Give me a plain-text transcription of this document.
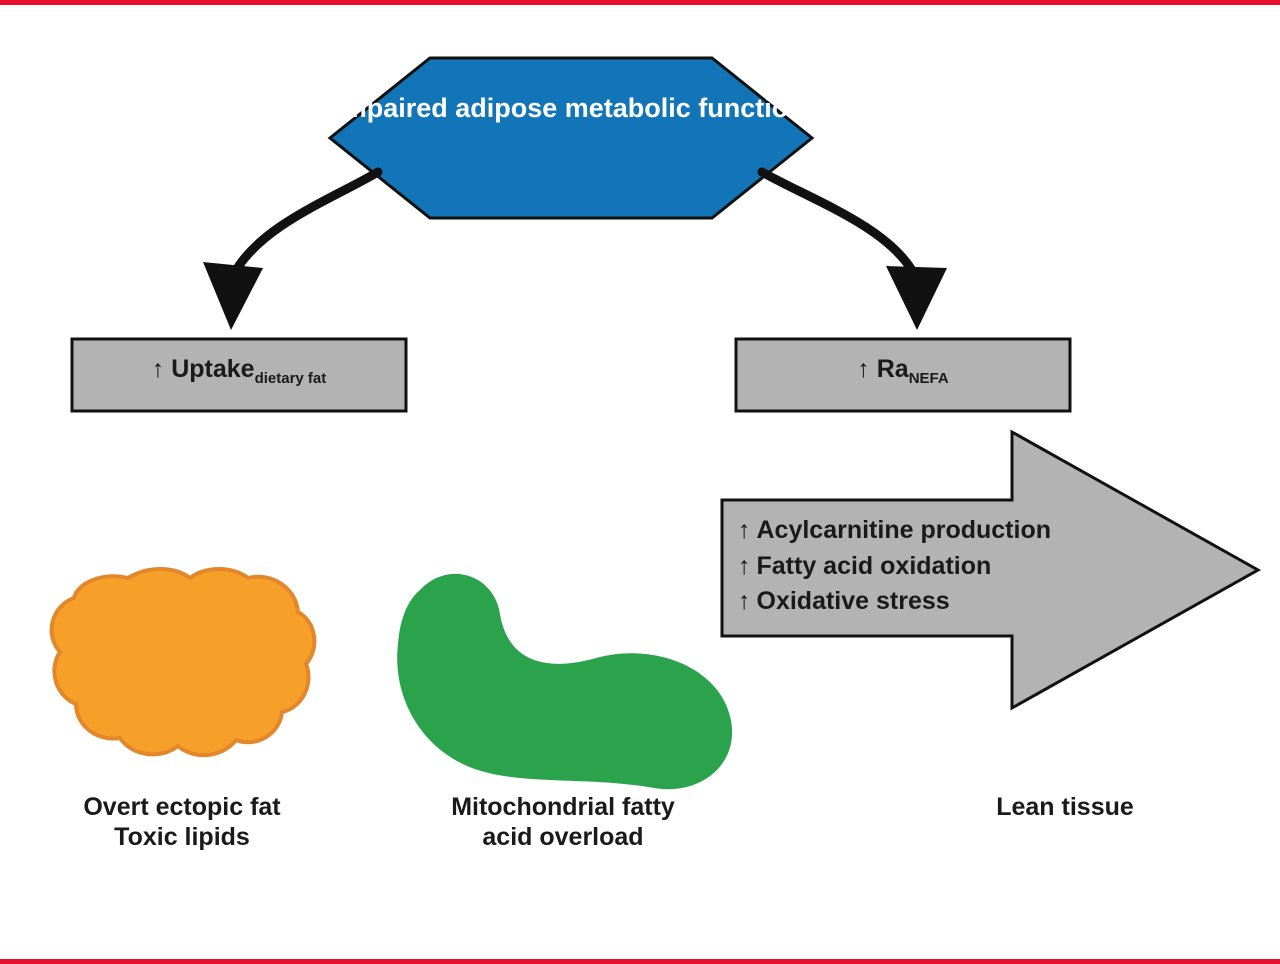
Impaired adipose metabolic function
↑ Uptake$_{dietary fat}$	↑ $Ra_{NEFA}$
↑ Acylcarnitine production
↑ Fatty acid oxidation
↑ Oxidative stress
Overt ectopic fat
Toxic lipids
Mitochondrial fatty
acid overload
Lean tissue
